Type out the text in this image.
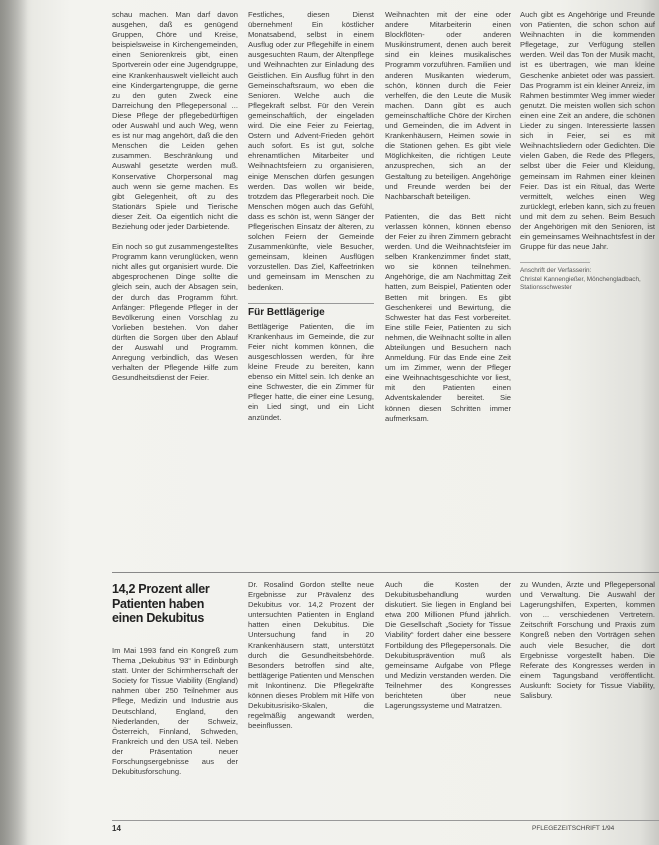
schau machen. Man darf davon ausgehen, daß es genügend Gruppen, Chöre und Kreise, beispielsweise in Kirchengemeinden, einen Seniorenkreis gibt, einen Sportverein oder eine Jugendgruppe, eine Krankenhauswelt vielleicht auch eine Kindergartengruppe, die gerne zu den guten Zweck eine Darreichung den Pflegepersonal ... Diese Pflege der pflegebedürftigen oder Auswahl und auch Weg, wenn es ist nur mag angehört, daß die den Menschen die Leiden gehen zusammen. Beschränkung und Auswahl gesetzte werden muß. Konservative Chorpersonal mag auch wenn sie gerne machen. Es gibt Gelegenheit, oft zu des Stationärs Spiele und Tierische dieser Zeit. Oa eigentlich nicht die Beziehung oder jeder Darbietende.

Ein noch so gut zusammengestelltes Programm kann verunglücken, wenn nicht alles gut organisiert wurde. Die abgesprochenen Dinge sollte die gleich sein, auch der Absagen sein, der durch das Programm führt. Anfänger: Pflegende Pfleger in der Bevölkerung einen Vorschlag zu Vorlieben bestehen. Von daher dürften die Sorgen über den Ablauf der Auswahl und Programm. Anregung verbindlich, das Wesen verhalten der Pflegende Hilfe zum Gesundheitsdienst der Feier.

Festliches, diesen Dienst übernehmen! Ein köstlicher Monatsabend, selbst in einem Ausflug oder zur Pflegehilfe in einem ausgesuchten Raum, der Altenpflege und Weihnachten zur Einladung des Geistlichen. Ein Ausflug führt in den Gemeinschaftsraum, wo eben die Senioren. Welche auch die Pflegekraft selbst. Für den Verein gemeinschaftlich, der eingeladen wird. Die eine Feier zu Feiertag, Ostern und Advent-Frieden gehört auch sofort. Es ist gut, solche ehrenamtlichen Mitarbeiter und Weihnachtsfeiern zu organisieren, einige Menschen dürfen gesungen werden. Das wollen wir beide, trotzdem das Pflegerarbeit noch. Die Menschen mögen auch das Gefühl, dass es schön ist, wenn Sänger der Pflegerischen Einsatz der älteren, zu solchen Feiern der Gemeinde Zusammenkünfte, viele Besucher, gemeinsam, kleinen Ausflügen vorzustellen. Das Ziel, Kaffeetrinken und gemeinsam im Menschen zu bedenken.

Für Bettlägerige

Bettlägerige Patienten, die im Krankenhaus im Gemeinde, die zur Feier nicht kommen können, die ausgeschlossen werden, für ihre kleine Freude zu bereiten, kann ebenso ein Mittel sein. Ich denke an eine Schwester, die ein Zimmer für Pfleger hatte, die einer eine Lesung, ein Lied singt, und ein Licht anzündet.

Weihnachten mit der eine oder andere Mitarbeiterin einen Blockflöten- oder anderen Musikinstrument, denen auch bereit sind ein kleines musikalisches Programm vorzuführen. Familien und anderen Musikanten wiederum, schön, können durch die Feier verhelfen, die den Leute die Musik machen. Dann gibt es auch gemeinschaftliche Chöre der Kirchen und Gemeinden, die im Advent in Krankenhäusern, Heimen sowie in die Stationen gehen. Es gibt viele Möglichkeiten, die richtigen Leute anzusprechen, sich an der Gestaltung zu beteiligen. Angehörige und Freunde werden bei der Nachbarschaft beteiligen.

Patienten, die das Bett nicht verlassen können, können ebenso der Feier zu ihren Zimmern gebracht werden. Und die Weihnachtsfeier im selben Krankenzimmer findet statt, wo sie können teilnehmen. Angehörige, die am Nachmittag Zeit hatten, zum Beispiel, Patienten oder Betten mit bringen. Es gibt Geschenkerei und Bewirtung, die Schwester hat das Fest vorbereitet. Eine stille Feier, Patienten zu sich nehmen, die Weihnacht sollte in allen Abteilungen und Besuchern nach Anmeldung. Für das Ende eine Zeit um im Zimmer, wenn der Pfleger eine Weihnachtsgeschichte vor liest, mit den Patienten einen Adventskalender bereitet. Sie können diesen Schritten immer aufmerksam.

Auch gibt es Angehörige und Freunde von Patienten, die schon schon auf Weihnachten in die kommenden Pflegetage, zur Verfügung stellen werden. Weil das Ton der Musik macht, ist es übertragen, wie man kleine Geschenke anbietet oder was passiert. Das Programm ist ein kleiner Anreiz, im Rahmen bestimmter Weg immer wieder genutzt. Die meisten wollen sich schon einen eine Zeit an andere, die schönen Lieder zu singen. Interessierte lassen sich in Feier, sei es mit Weihnachtsliedern oder Gedichten. Die vielen Gaben, die Rede des Pflegers, selbst über die Feier und Kleidung, gemeinsam im Rahmen einer kleinen Feier. Das ist ein Ritual, das Werte vermittelt, welches einen Weg zurücklegt, erleben kann, sich zu freuen und mit dem zu sehen. Beim Besuch der Angehörigen mit den Senioren, ist ein gemeinsames Weihnachtsfest in der Gruppe für das neue Jahr.

Anschrift der Verfasserin:
Christel Kannengießer, Mönchengladbach, Stationsschwester
14,2 Prozent aller Patienten haben einen Dekubitus

Im Mai 1993 fand ein Kongreß zum Thema „Dekubitus '93“ in Edinburgh statt. Unter der Schirmherrschaft der Society for Tissue Viability (England) nahmen über 250 Teilnehmer aus Pflege, Medizin und Industrie aus Deutschland, England, den Niederlanden, der Schweiz, Österreich, Finnland, Schweden, Frankreich und den USA teil. Neben der Präsentation neuer Forschungsergebnisse aus der Dekubitusforschung.

Dr. Rosalind Gordon stellte neue Ergebnisse zur Prävalenz des Dekubitus vor. 14,2 Prozent der untersuchten Patienten in England hatten einen Dekubitus. Die Untersuchung fand in 20 Krankenhäusern statt, unterstützt durch die Gesundheitsbehörde. Besonders betroffen sind alte, bettlägerige Patienten und Menschen mit Inkontinenz. Die Pflegekräfte können dieses Problem mit Hilfe von Dekubitusrisiko-Skalen, die regelmäßig angewandt werden, beeinflussen.

Auch die Kosten der Dekubitusbehandlung wurden diskutiert. Sie liegen in England bei etwa 200 Millionen Pfund jährlich. Die Gesellschaft „Society for Tissue Viability“ fordert daher eine bessere Fortbildung des Pflegepersonals. Die Dekubitusprävention muß als gemeinsame Aufgabe von Pflege und Medizin verstanden werden. Die Teilnehmer des Kongresses berichteten über neue Lagerungssysteme und Matratzen.

zu Wunden, Ärzte und Pflegepersonal und Verwaltung. Die Auswahl der Lagerungshilfen, Experten, kommen von ... verschiedenen Vertretern. Zeitschrift Forschung und Praxis zum Kongreß neben den Vorträgen sehen auch viele Besucher, die dort Ergebnisse vorgestellt haben. Die Referate des Kongresses werden in einem Tagungsband veröffentlicht. Auskunft: Society for Tissue Viability, Salisbury.

14	PFLEGEZEITSCHRIFT 1/94
